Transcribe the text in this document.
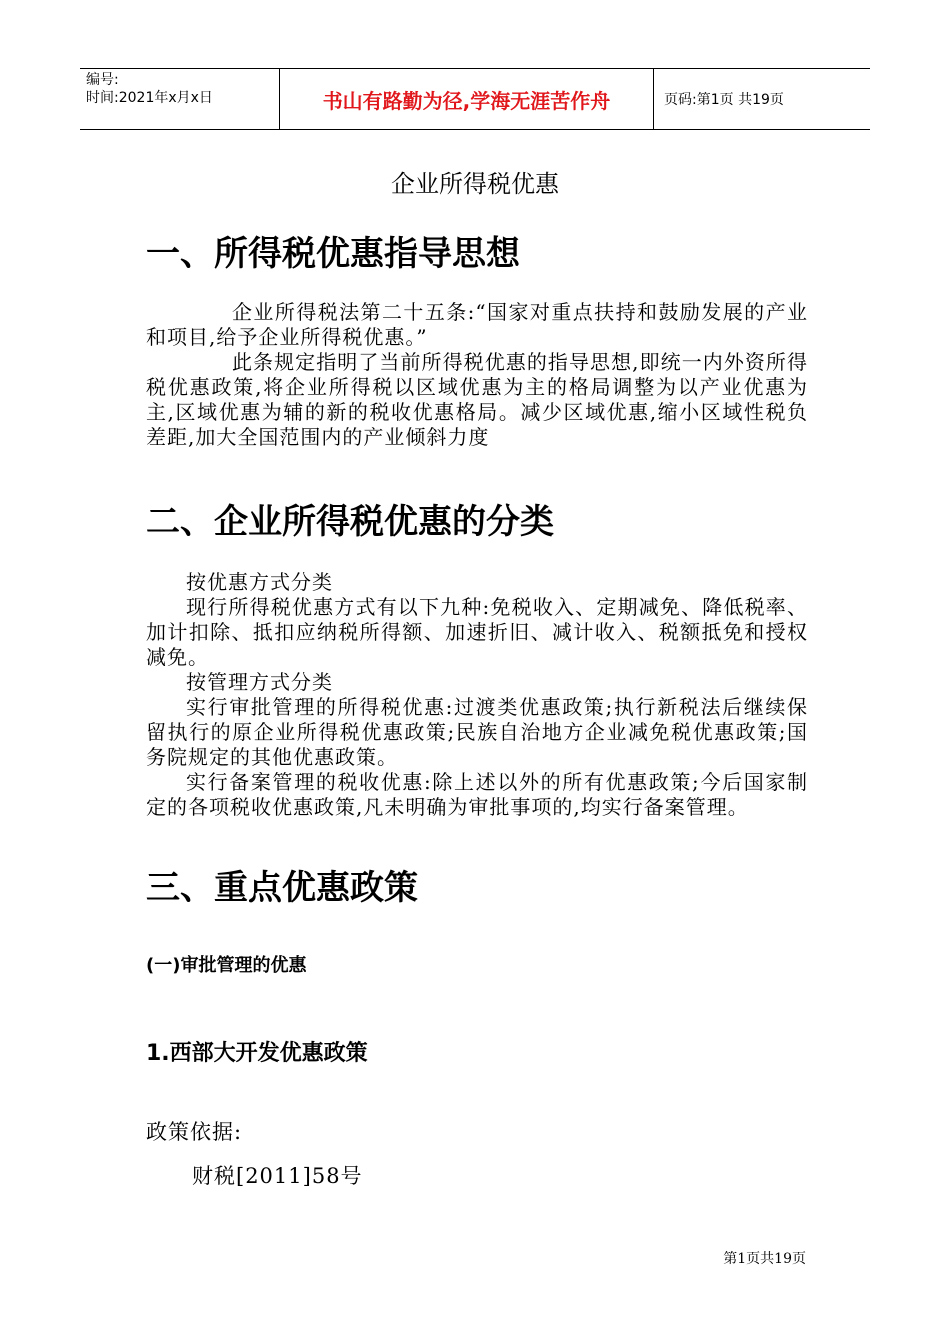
编号:
时间:2021年x月x日	书山有路勤为径,学海无涯苦作舟	页码:第1页 共19页
企业所得税优惠
一、所得税优惠指导思想
企业所得税法第二十五条:“国家对重点扶持和鼓励发展的产业和项目,给予企业所得税优惠。”
此条规定指明了当前所得税优惠的指导思想,即统一内外资所得税优惠政策,将企业所得税以区域优惠为主的格局调整为以产业优惠为主,区域优惠为辅的新的税收优惠格局。减少区域优惠,缩小区域性税负差距,加大全国范围内的产业倾斜力度
二、企业所得税优惠的分类
按优惠方式分类
现行所得税优惠方式有以下九种:免税收入、定期减免、降低税率、加计扣除、抵扣应纳税所得额、加速折旧、减计收入、税额抵免和授权减免。
按管理方式分类
实行审批管理的所得税优惠:过渡类优惠政策;执行新税法后继续保留执行的原企业所得税优惠政策;民族自治地方企业减免税优惠政策;国务院规定的其他优惠政策。
实行备案管理的税收优惠:除上述以外的所有优惠政策;今后国家制定的各项税收优惠政策,凡未明确为审批事项的,均实行备案管理。
三、重点优惠政策
(一)审批管理的优惠
1.西部大开发优惠政策
政策依据:
财税[2011]58号
第1页共19页
